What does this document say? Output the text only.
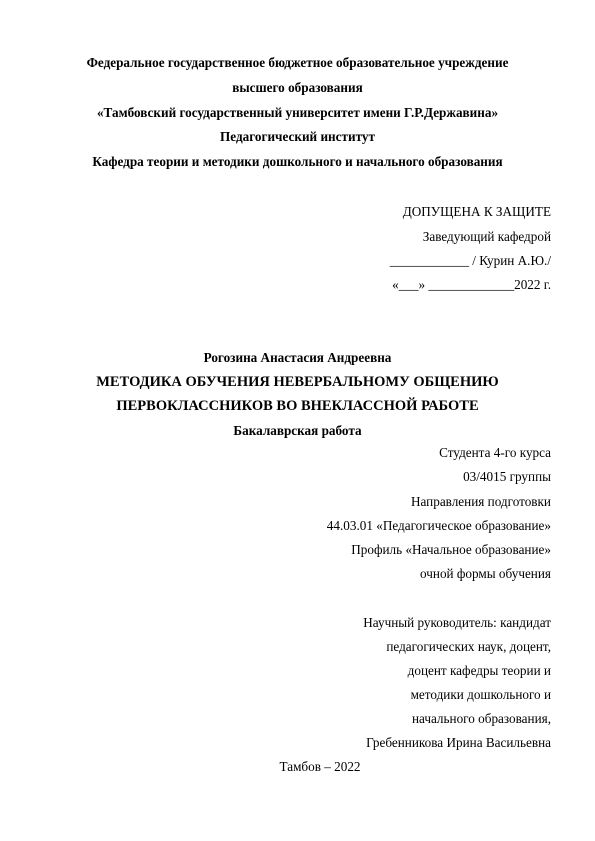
Федеральное государственное бюджетное образовательное учреждение
высшего образования
«Тамбовский государственный университет имени Г.Р.Державина»
Педагогический институт
Кафедра теории и методики дошкольного и начального образования
ДОПУЩЕНА К ЗАЩИТЕ
Заведующий кафедрой
____________ / Курин А.Ю./
«___» _____________2022 г.
Рогозина Анастасия Андреевна
МЕТОДИКА ОБУЧЕНИЯ НЕВЕРБАЛЬНОМУ ОБЩЕНИЮ
ПЕРВОКЛАССНИКОВ ВО ВНЕКЛАССНОЙ РАБОТЕ
Бакалаврская работа
Студента 4-го курса
03/4015 группы
Направления подготовки
44.03.01 «Педагогическое образование»
Профиль «Начальное образование»
очной формы обучения
Научный руководитель: кандидат
педагогических наук, доцент,
доцент кафедры теории и
методики дошкольного и
начального образования,
Гребенникова Ирина Васильевна
Тамбов – 2022
